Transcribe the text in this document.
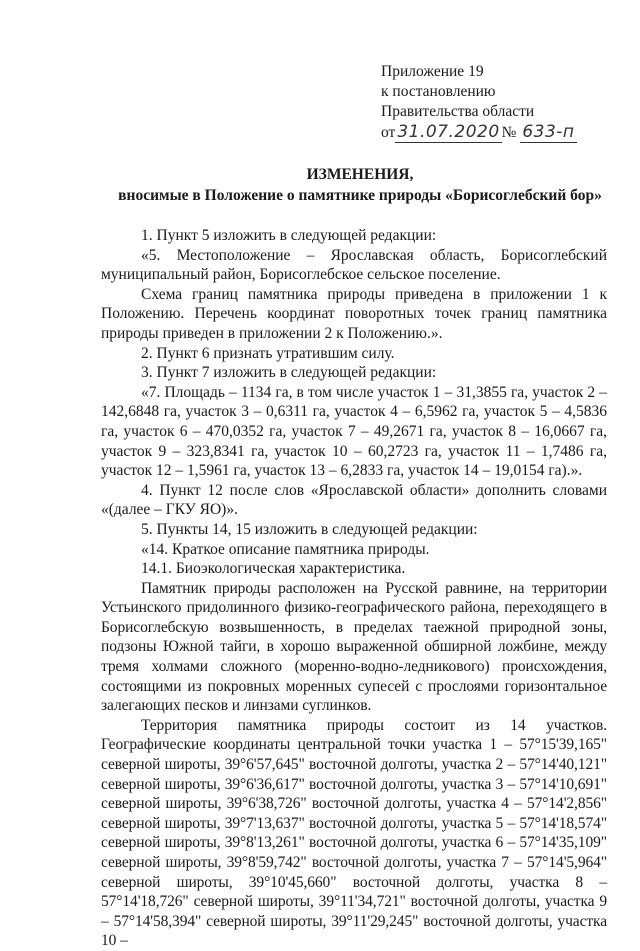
Приложение 19
к постановлению
Правительства области
от 31.07.2020 № 633-п
ИЗМЕНЕНИЯ,
вносимые в Положение о памятнике природы «Борисоглебский бор»

1. Пункт 5 изложить в следующей редакции:

«5. Местоположение – Ярославская область, Борисоглебский муниципальный район, Борисоглебское сельское поселение.

Схема границ памятника природы приведена в приложении 1 к Положению. Перечень координат поворотных точек границ памятника природы приведен в приложении 2 к Положению.».

2. Пункт 6 признать утратившим силу.

3. Пункт 7 изложить в следующей редакции:

«7. Площадь – 1134 га, в том числе участок 1 – 31,3855 га, участок 2 – 142,6848 га, участок 3 – 0,6311 га, участок 4 – 6,5962 га, участок 5 – 4,5836 га, участок 6 – 470,0352 га, участок 7 – 49,2671 га, участок 8 – 16,0667 га, участок 9 – 323,8341 га, участок 10 – 60,2723 га, участок 11 – 1,7486 га, участок 12 – 1,5961 га, участок 13 – 6,2833 га, участок 14 – 19,0154 га).».

4. Пункт 12 после слов «Ярославской области» дополнить словами «(далее – ГКУ ЯО)».

5. Пункты 14, 15 изложить в следующей редакции:

«14. Краткое описание памятника природы.

14.1. Биоэкологическая характеристика.

Памятник природы расположен на Русской равнине, на территории Устьинского придолинного физико-географического района, переходящего в Борисоглебскую возвышенность, в пределах таежной природной зоны, подзоны Южной тайги, в хорошо выраженной обширной ложбине, между тремя холмами сложного (моренно-водно-ледникового) происхождения, состоящими из покровных моренных супесей с прослоями горизонтальное залегающих песков и линзами суглинков.

Территория памятника природы состоит из 14 участков. Географические координаты центральной точки участка 1 – 57°15'39,165" северной широты, 39°6'57,645" восточной долготы, участка 2 – 57°14'40,121" северной широты, 39°6'36,617" восточной долготы, участка 3 – 57°14'10,691" северной широты, 39°6'38,726" восточной долготы, участка 4 – 57°14'2,856" северной широты, 39°7'13,637" восточной долготы, участка 5 – 57°14'18,574" северной широты, 39°8'13,261" восточной долготы, участка 6 – 57°14'35,109" северной широты, 39°8'59,742" восточной долготы, участка 7 – 57°14'5,964" северной широты, 39°10'45,660" восточной долготы, участка 8 – 57°14'18,726" северной широты, 39°11'34,721" восточной долготы, участка 9 – 57°14'58,394" северной широты, 39°11'29,245" восточной долготы, участка 10 –
